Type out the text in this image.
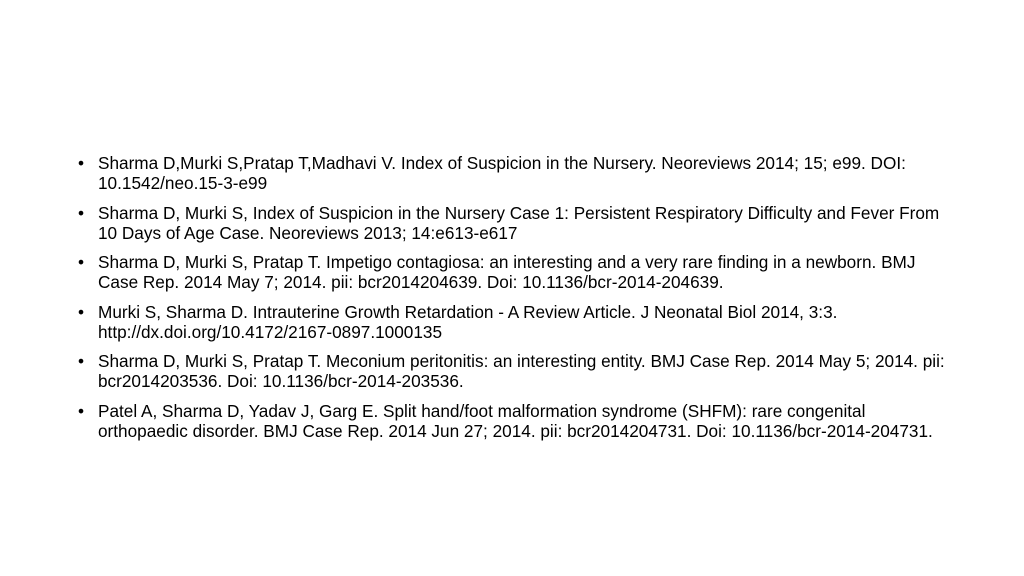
• Sharma D,Murki S,Pratap T,Madhavi V. Index of Suspicion in the Nursery. Neoreviews 2014; 15; e99. DOI: 10.1542/neo.15-3-e99
• Sharma D, Murki S, Index of Suspicion in the Nursery Case 1: Persistent Respiratory Difficulty and Fever From 10 Days of Age Case. Neoreviews 2013; 14:e613-e617
• Sharma D, Murki S, Pratap T. Impetigo contagiosa: an interesting and a very rare finding in a newborn. BMJ Case Rep. 2014 May 7; 2014. pii: bcr2014204639. Doi: 10.1136/bcr-2014-204639.
• Murki S, Sharma D. Intrauterine Growth Retardation - A Review Article. J Neonatal Biol 2014, 3:3. http://dx.doi.org/10.4172/2167-0897.1000135
• Sharma D, Murki S, Pratap T. Meconium peritonitis: an interesting entity. BMJ Case Rep. 2014 May 5; 2014. pii: bcr2014203536. Doi: 10.1136/bcr-2014-203536.
• Patel A, Sharma D, Yadav J, Garg E. Split hand/foot malformation syndrome (SHFM): rare congenital orthopaedic disorder. BMJ Case Rep. 2014 Jun 27; 2014. pii: bcr2014204731. Doi: 10.1136/bcr-2014-204731.
